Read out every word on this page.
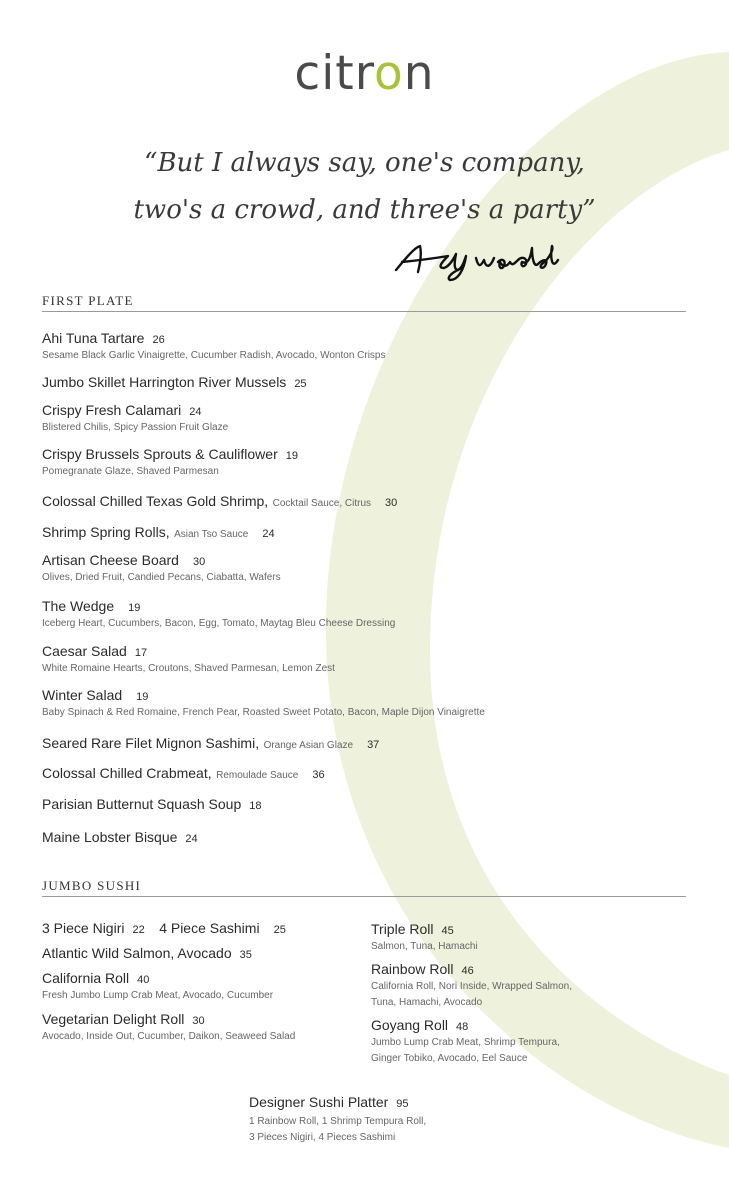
citron
“But I always say, one's company,
two's a crowd, and three's a party”
FIRST PLATE
Ahi Tuna Tartare 26
Sesame Black Garlic Vinaigrette, Cucumber Radish, Avocado, Wonton Crisps
Jumbo Skillet Harrington River Mussels 25
Crispy Fresh Calamari 24
Blistered Chilis, Spicy Passion Fruit Glaze
Crispy Brussels Sprouts & Cauliflower 19
Pomegranate Glaze, Shaved Parmesan
Colossal Chilled Texas Gold Shrimp, Cocktail Sauce, Citrus 30
Shrimp Spring Rolls, Asian Tso Sauce 24
Artisan Cheese Board 30
Olives, Dried Fruit, Candied Pecans, Ciabatta, Wafers
The Wedge 19
Iceberg Heart, Cucumbers, Bacon, Egg, Tomato, Maytag Bleu Cheese Dressing
Caesar Salad 17
White Romaine Hearts, Croutons, Shaved Parmesan, Lemon Zest
Winter Salad 19
Baby Spinach & Red Romaine, French Pear, Roasted Sweet Potato, Bacon, Maple Dijon Vinaigrette
Seared Rare Filet Mignon Sashimi, Orange Asian Glaze 37
Colossal Chilled Crabmeat, Remoulade Sauce 36
Parisian Butternut Squash Soup 18
Maine Lobster Bisque 24
JUMBO SUSHI
3 Piece Nigiri 22 4 Piece Sashimi 25
Atlantic Wild Salmon, Avocado 35
California Roll 40
Fresh Jumbo Lump Crab Meat, Avocado, Cucumber
Vegetarian Delight Roll 30
Avocado, Inside Out, Cucumber, Daikon, Seaweed Salad
Triple Roll 45
Salmon, Tuna, Hamachi
Rainbow Roll 46
California Roll, Nori Inside, Wrapped Salmon,
Tuna, Hamachi, Avocado
Goyang Roll 48
Jumbo Lump Crab Meat, Shrimp Tempura,
Ginger Tobiko, Avocado, Eel Sauce
Designer Sushi Platter 95
1 Rainbow Roll, 1 Shrimp Tempura Roll,
3 Pieces Nigiri, 4 Pieces Sashimi
